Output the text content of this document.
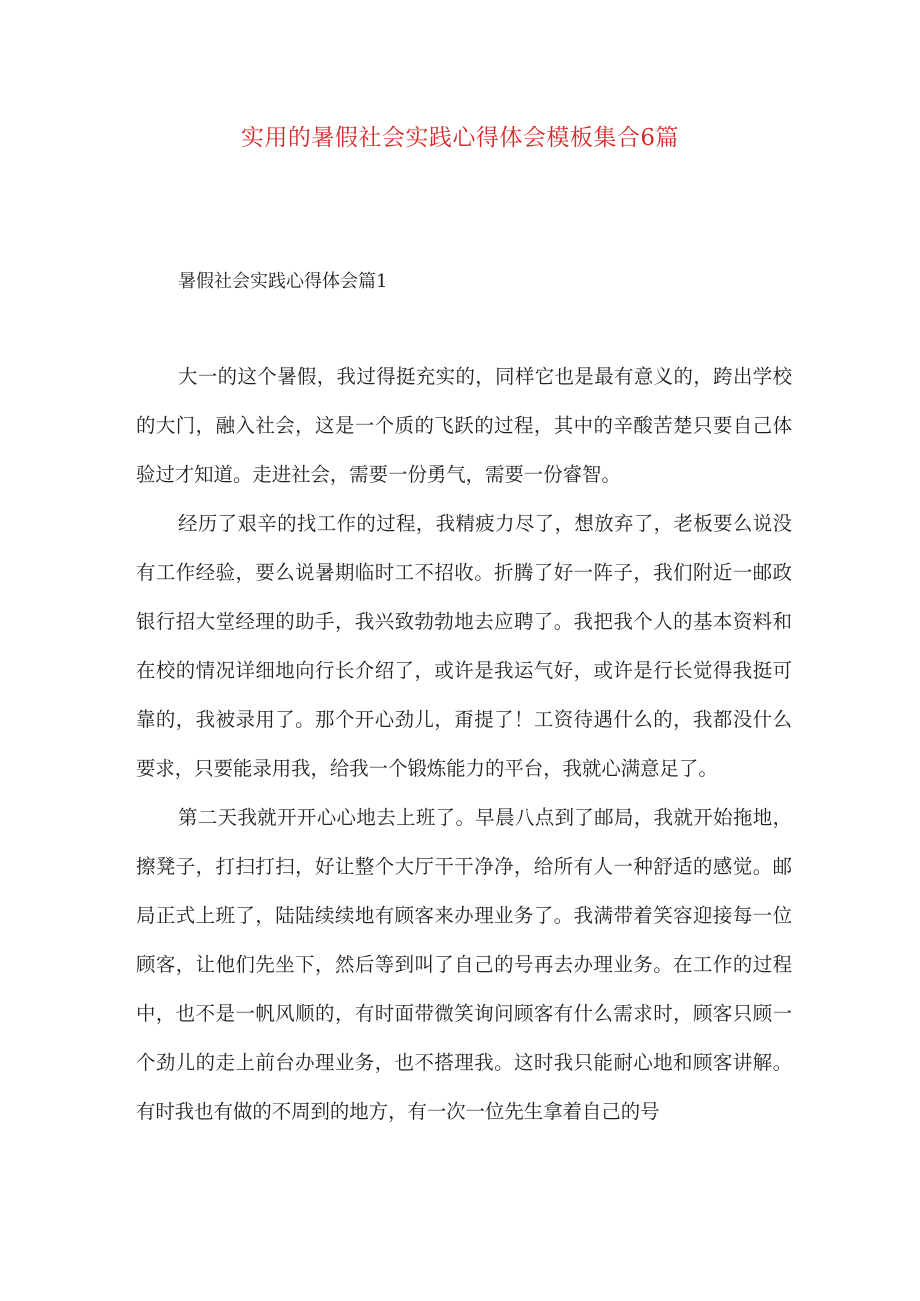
实用的暑假社会实践心得体会模板集合6篇
暑假社会实践心得体会篇1

大一的这个暑假，我过得挺充实的，同样它也是最有意义的，跨出学校的大门，融入社会，这是一个质的飞跃的过程，其中的辛酸苦楚只要自己体验过才知道。走进社会，需要一份勇气，需要一份睿智。

经历了艰辛的找工作的过程，我精疲力尽了，想放弃了，老板要么说没有工作经验，要么说暑期临时工不招收。折腾了好一阵子，我们附近一邮政银行招大堂经理的助手，我兴致勃勃地去应聘了。我把我个人的基本资料和在校的情况详细地向行长介绍了，或许是我运气好，或许是行长觉得我挺可靠的，我被录用了。那个开心劲儿，甭提了！工资待遇什么的，我都没什么要求，只要能录用我，给我一个锻炼能力的平台，我就心满意足了。

第二天我就开开心心地去上班了。早晨八点到了邮局，我就开始拖地，擦凳子，打扫打扫，好让整个大厅干干净净，给所有人一种舒适的感觉。邮局正式上班了，陆陆续续地有顾客来办理业务了。我满带着笑容迎接每一位顾客，让他们先坐下，然后等到叫了自己的号再去办理业务。在工作的过程中，也不是一帆风顺的，有时面带微笑询问顾客有什么需求时，顾客只顾一个劲儿的走上前台办理业务，也不搭理我。这时我只能耐心地和顾客讲解。有时我也有做的不周到的地方，有一次一位先生拿着自己的号
